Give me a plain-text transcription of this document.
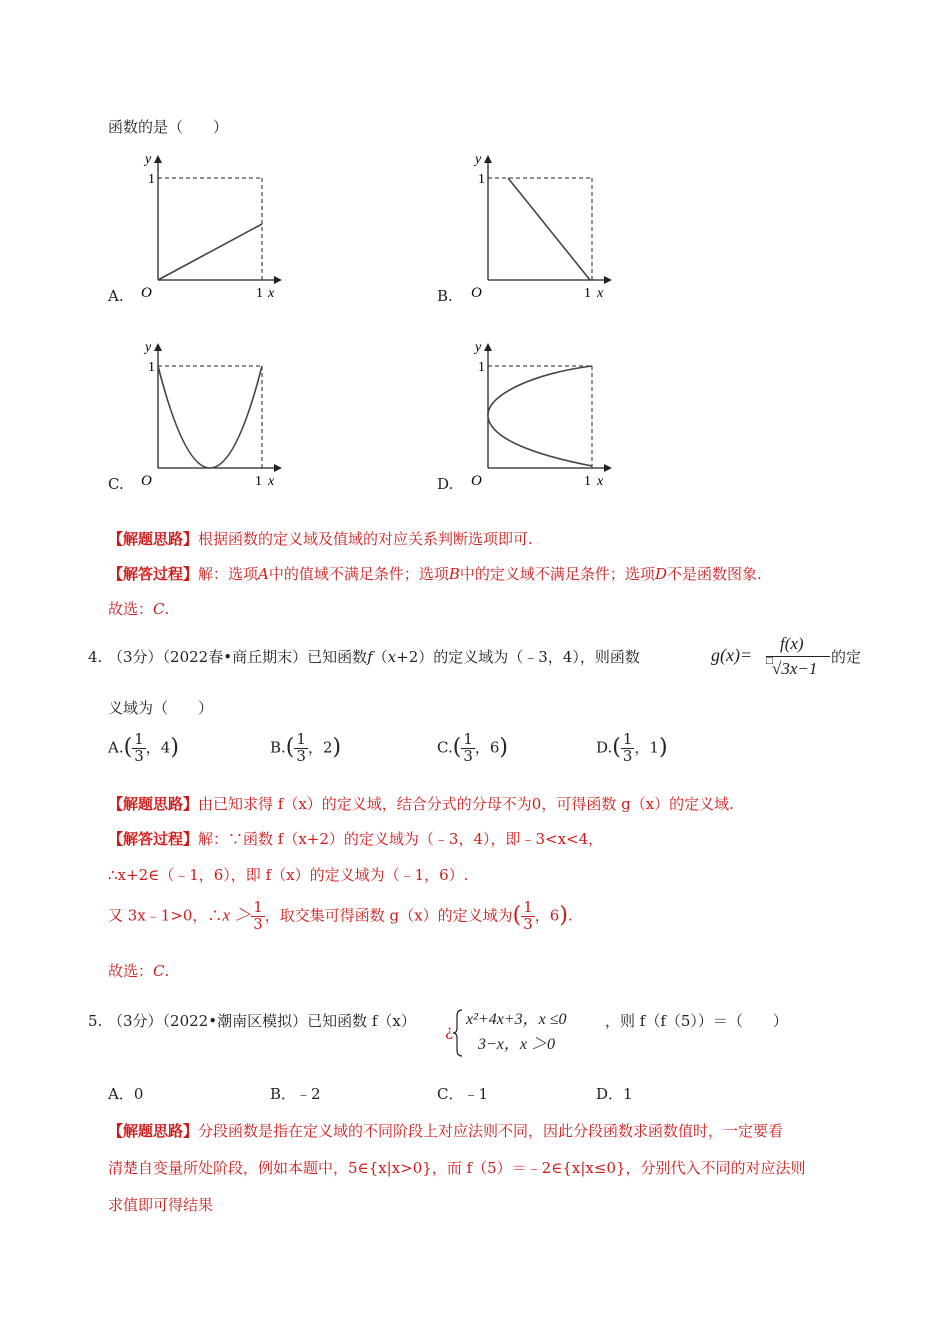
函数的是（　　）
A.
y
1
O	1 x	B.
y
1
O	1 x
C.
y
1
O	1 x	D.
y
1
O	1 x
【解题思路】根据函数的定义域及值域的对应关系判断选项即可.
【解答过程】解：选项A中的值域不满足条件；选项B中的定义域不满足条件；选项D不是函数图象.
故选：C.
4. （3分）（2022春•商丘期末）已知函数f（x+2）的定义域为（﹣3，4），则函数	g(x)=
f(x)
□
√3x−1
的定
义域为（　　）
$A.( \frac{1}{3}$ ，4)	$B.( \frac{1}{3}$ ，2)	$C.( \frac{1}{3}$ ，6)	$D.( \frac{1}{3}$ ，1)
【解题思路】由已知求得 f（x）的定义域，结合分式的分母不为0，可得函数 g（x）的定义域.
【解答过程】解：∵函数 f（x+2）的定义域为（﹣3，4），即﹣3<x<4，
∴x+2∈（﹣1，6），即 f（x）的定义域为（﹣1，6）.
又 3x﹣1>0，∴x ＞ $\frac{1}{3}$ ，取交集可得函数 g（x）的定义域为( $\frac{1}{3}$ ，6).
故选：C.
5. （3分）（2022•潮南区模拟）已知函数 f（x）
¿
x²+4x+3，x ≤0
3−x，x ＞0
，则 f（f（5））＝（　　）
A．0	B．﹣2	C．﹣1	D．1
【解题思路】分段函数是指在定义域的不同阶段上对应法则不同，因此分段函数求函数值时，一定要看
清楚自变量所处阶段，例如本题中，5∈{x|x>0}，而 f（5）＝﹣2∈{x|x≤0}，分别代入不同的对应法则
求值即可得结果
